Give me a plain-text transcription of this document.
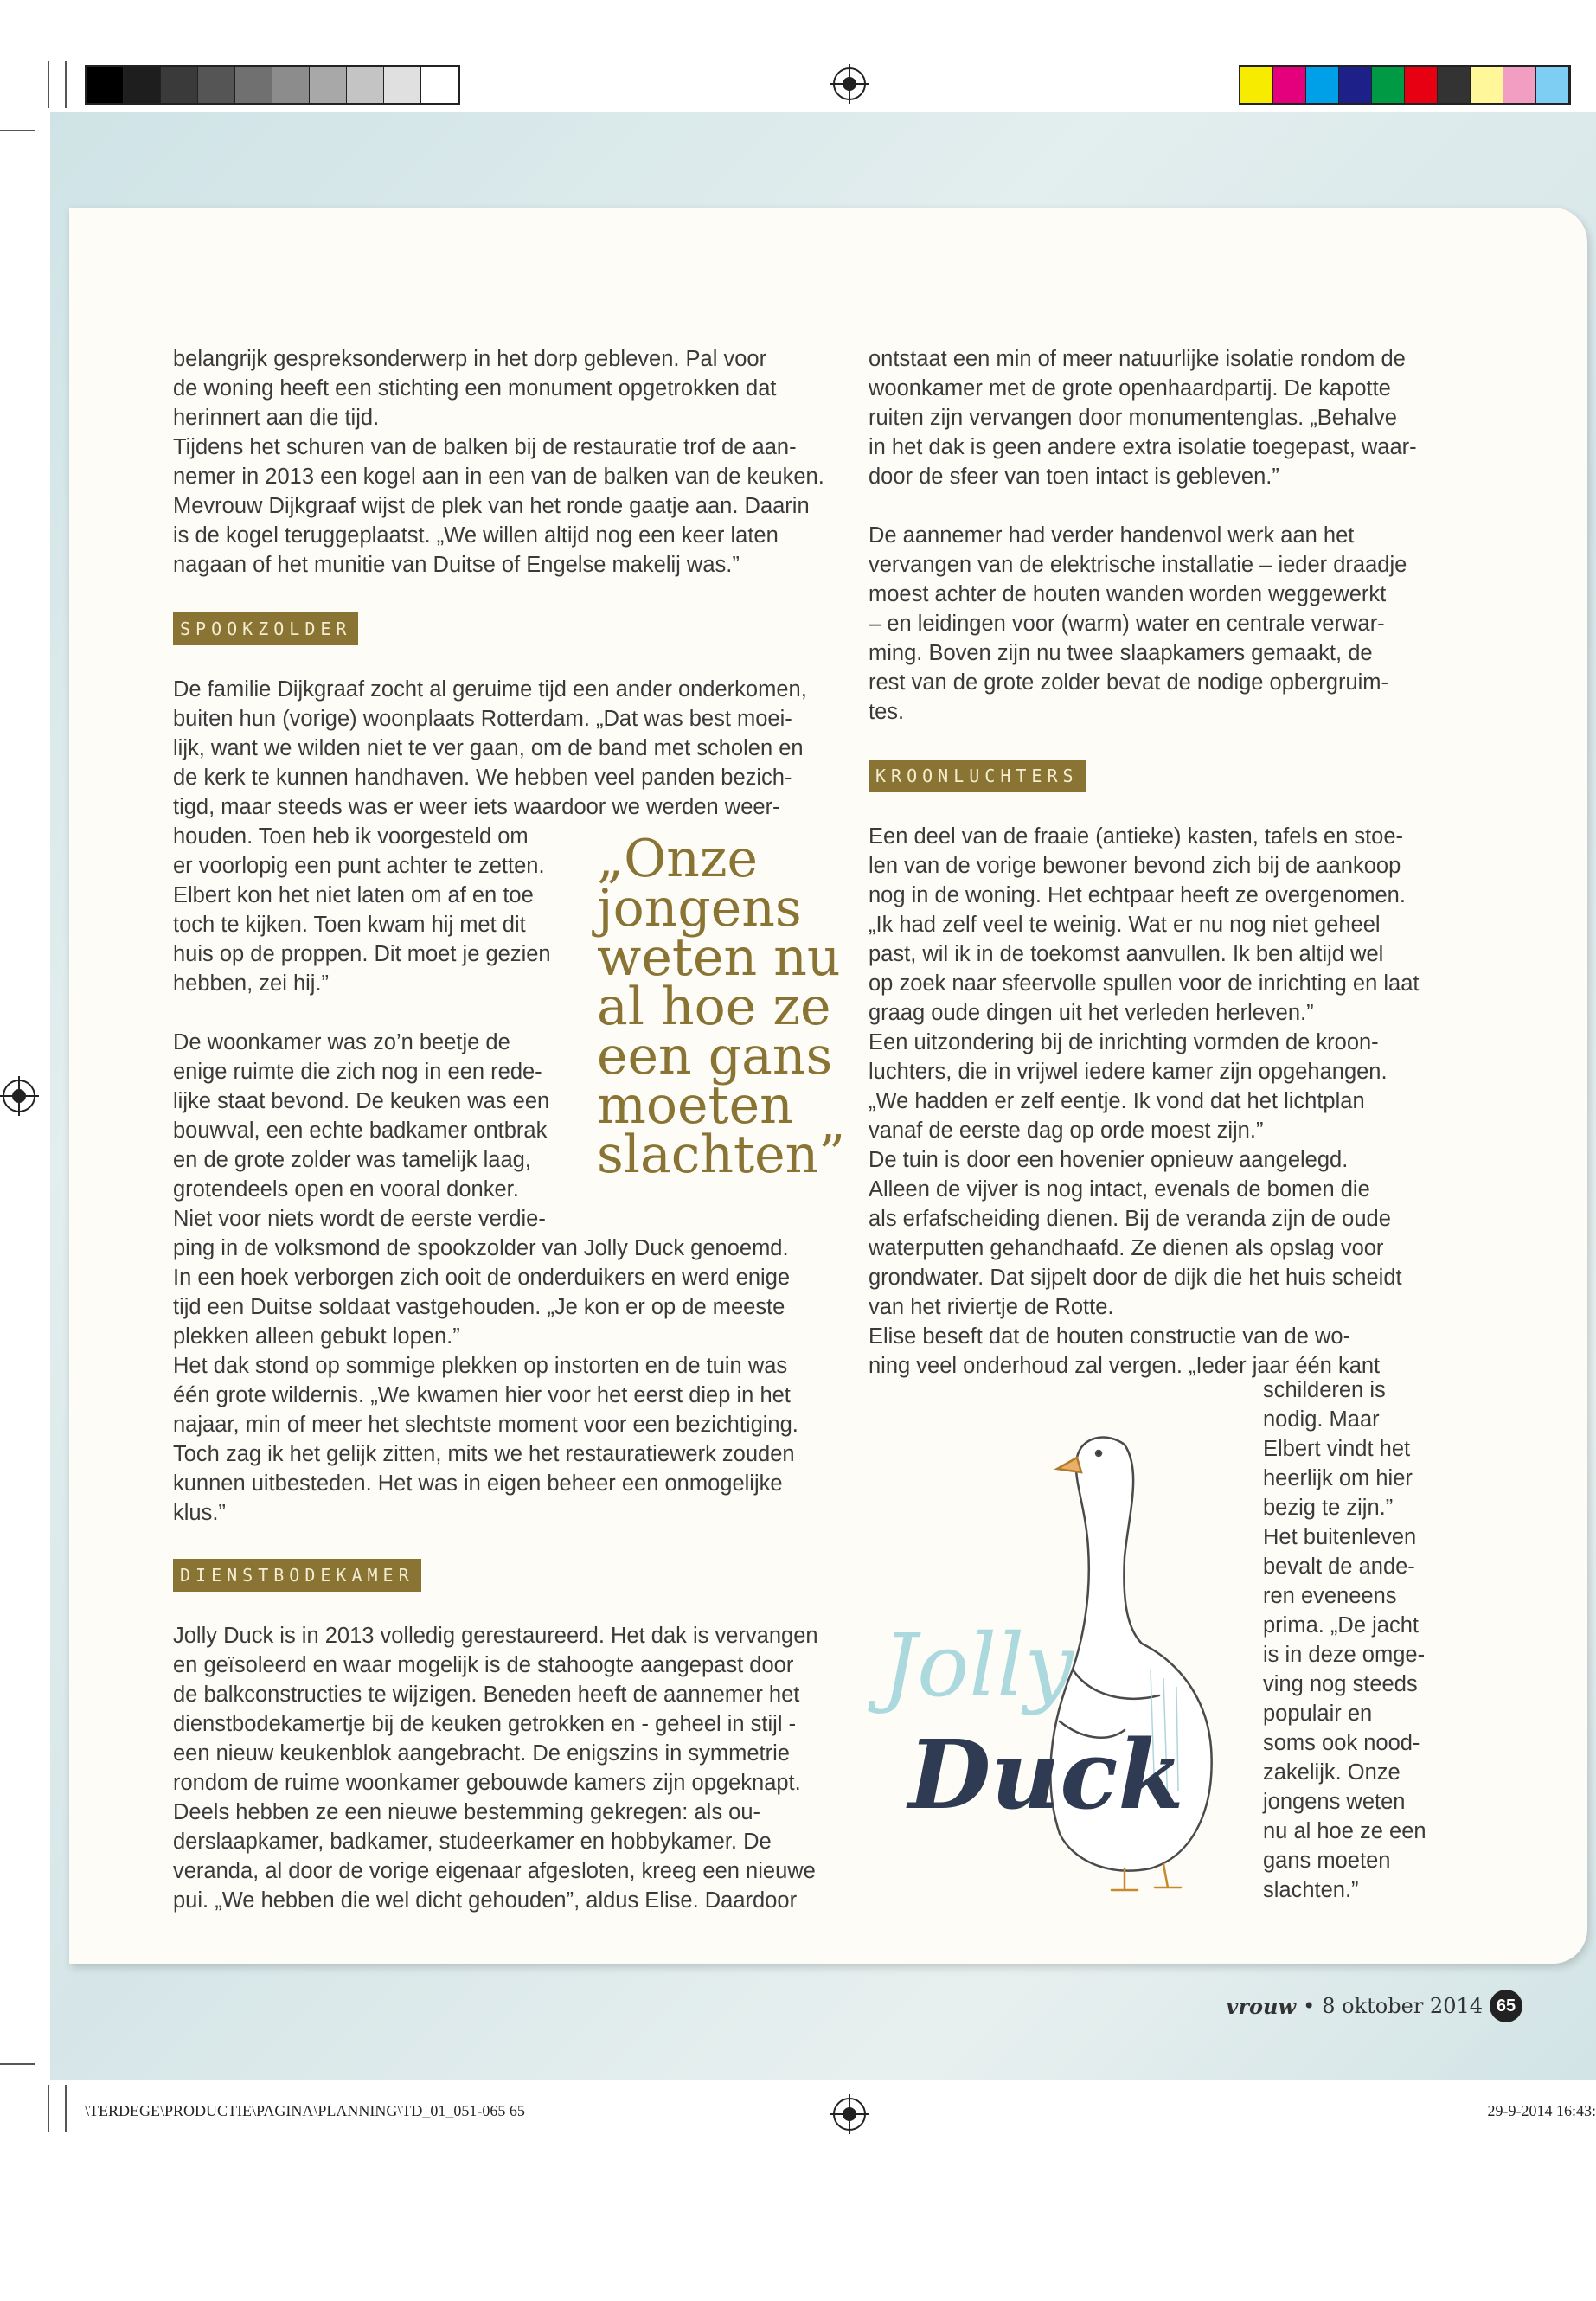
belangrijk gespreksonderwerp in het dorp gebleven. Pal voor

de woning heeft een stichting een monument opgetrokken dat

herinnert aan die tijd.

Tijdens het schuren van de balken bij de restauratie trof de aan-

nemer in 2013 een kogel aan in een van de balken van de keuken.

Mevrouw Dijkgraaf wijst de plek van het ronde gaatje aan. Daarin

is de kogel teruggeplaatst. „We willen altijd nog een keer laten

nagaan of het munitie van Duitse of Engelse makelij was.”

SPOOKZOLDER

De familie Dijkgraaf zocht al geruime tijd een ander onderkomen,

buiten hun (vorige) woonplaats Rotterdam. „Dat was best moei-

lijk, want we wilden niet te ver gaan, om de band met scholen en

de kerk te kunnen handhaven. We hebben veel panden bezich-

tigd, maar steeds was er weer iets waardoor we werden weer-

houden. Toen heb ik voorgesteld om

er voorlopig een punt achter te zetten.

Elbert kon het niet laten om af en toe

toch te kijken. Toen kwam hij met dit

huis op de proppen. Dit moet je gezien

hebben, zei hij.”

De woonkamer was zo’n beetje de

enige ruimte die zich nog in een rede-

lijke staat bevond. De keuken was een

bouwval, een echte badkamer ontbrak

en de grote zolder was tamelijk laag,

grotendeels open en vooral donker.

Niet voor niets wordt de eerste verdie-

ping in de volksmond de spookzolder van Jolly Duck genoemd.

In een hoek verborgen zich ooit de onderduikers en werd enige

tijd een Duitse soldaat vastgehouden. „Je kon er op de meeste

plekken alleen gebukt lopen.”

Het dak stond op sommige plekken op instorten en de tuin was

één grote wildernis. „We kwamen hier voor het eerst diep in het

najaar, min of meer het slechtste moment voor een bezichtiging.

Toch zag ik het gelijk zitten, mits we het restauratiewerk zouden

kunnen uitbesteden. Het was in eigen beheer een onmogelijke

klus.”

DIENSTBODEKAMER

Jolly Duck is in 2013 volledig gerestaureerd. Het dak is vervangen

en geïsoleerd en waar mogelijk is de stahoogte aangepast door

de balkconstructies te wijzigen. Beneden heeft de aannemer het

dienstbodekamertje bij de keuken getrokken en - geheel in stijl -

een nieuw keukenblok aangebracht. De enigszins in symmetrie

rondom de ruime woonkamer gebouwde kamers zijn opgeknapt.

Deels hebben ze een nieuwe bestemming gekregen: als ou-

derslaapkamer, badkamer, studeerkamer en hobbykamer. De

veranda, al door de vorige eigenaar afgesloten, kreeg een nieuwe

pui. „We hebben die wel dicht gehouden”, aldus Elise. Daardoor

„Onze jongens weten nu al hoe ze een gans moeten slachten”

ontstaat een min of meer natuurlijke isolatie rondom de

woonkamer met de grote openhaardpartij. De kapotte

ruiten zijn vervangen door monumentenglas. „Behalve

in het dak is geen andere extra isolatie toegepast, waar-

door de sfeer van toen intact is gebleven.”

De aannemer had verder handenvol werk aan het

vervangen van de elektrische installatie – ieder draadje

moest achter de houten wanden worden weggewerkt

– en leidingen voor (warm) water en centrale verwar-

ming. Boven zijn nu twee slaapkamers gemaakt, de

rest van de grote zolder bevat de nodige opbergruim-

tes.

KROONLUCHTERS

Een deel van de fraaie (antieke) kasten, tafels en stoe-

len van de vorige bewoner bevond zich bij de aankoop

nog in de woning. Het echtpaar heeft ze overgenomen.

„Ik had zelf veel te weinig. Wat er nu nog niet geheel

past, wil ik in de toekomst aanvullen. Ik ben altijd wel

op zoek naar sfeervolle spullen voor de inrichting en laat

graag oude dingen uit het verleden herleven.”

Een uitzondering bij de inrichting vormden de kroon-

luchters, die in vrijwel iedere kamer zijn opgehangen.

„We hadden er zelf eentje. Ik vond dat het lichtplan

vanaf de eerste dag op orde moest zijn.”

De tuin is door een hovenier opnieuw aangelegd.

Alleen de vijver is nog intact, evenals de bomen die

als erfafscheiding dienen. Bij de veranda zijn de oude

waterputten gehandhaafd. Ze dienen als opslag voor

grondwater. Dat sijpelt door de dijk die het huis scheidt

van het riviertje de Rotte.

Elise beseft dat de houten constructie van de wo-

ning veel onderhoud zal vergen. „Ieder jaar één kant

schilderen is

nodig. Maar

Elbert vindt het

heerlijk om hier

bezig te zijn.”

Het buitenleven

bevalt de ande-

ren eveneens

prima. „De jacht

is in deze omge-

ving nog steeds

populair en

soms ook nood-

zakelijk. Onze

jongens weten

nu al hoe ze een

gans moeten

slachten.”

Jolly
Duck
vrouw • 8 oktober 2014 65
\TERDEGE\PRODUCTIE\PAGINA\PLANNING\TD_01_051-065 65	29-9-2014 16:43:
